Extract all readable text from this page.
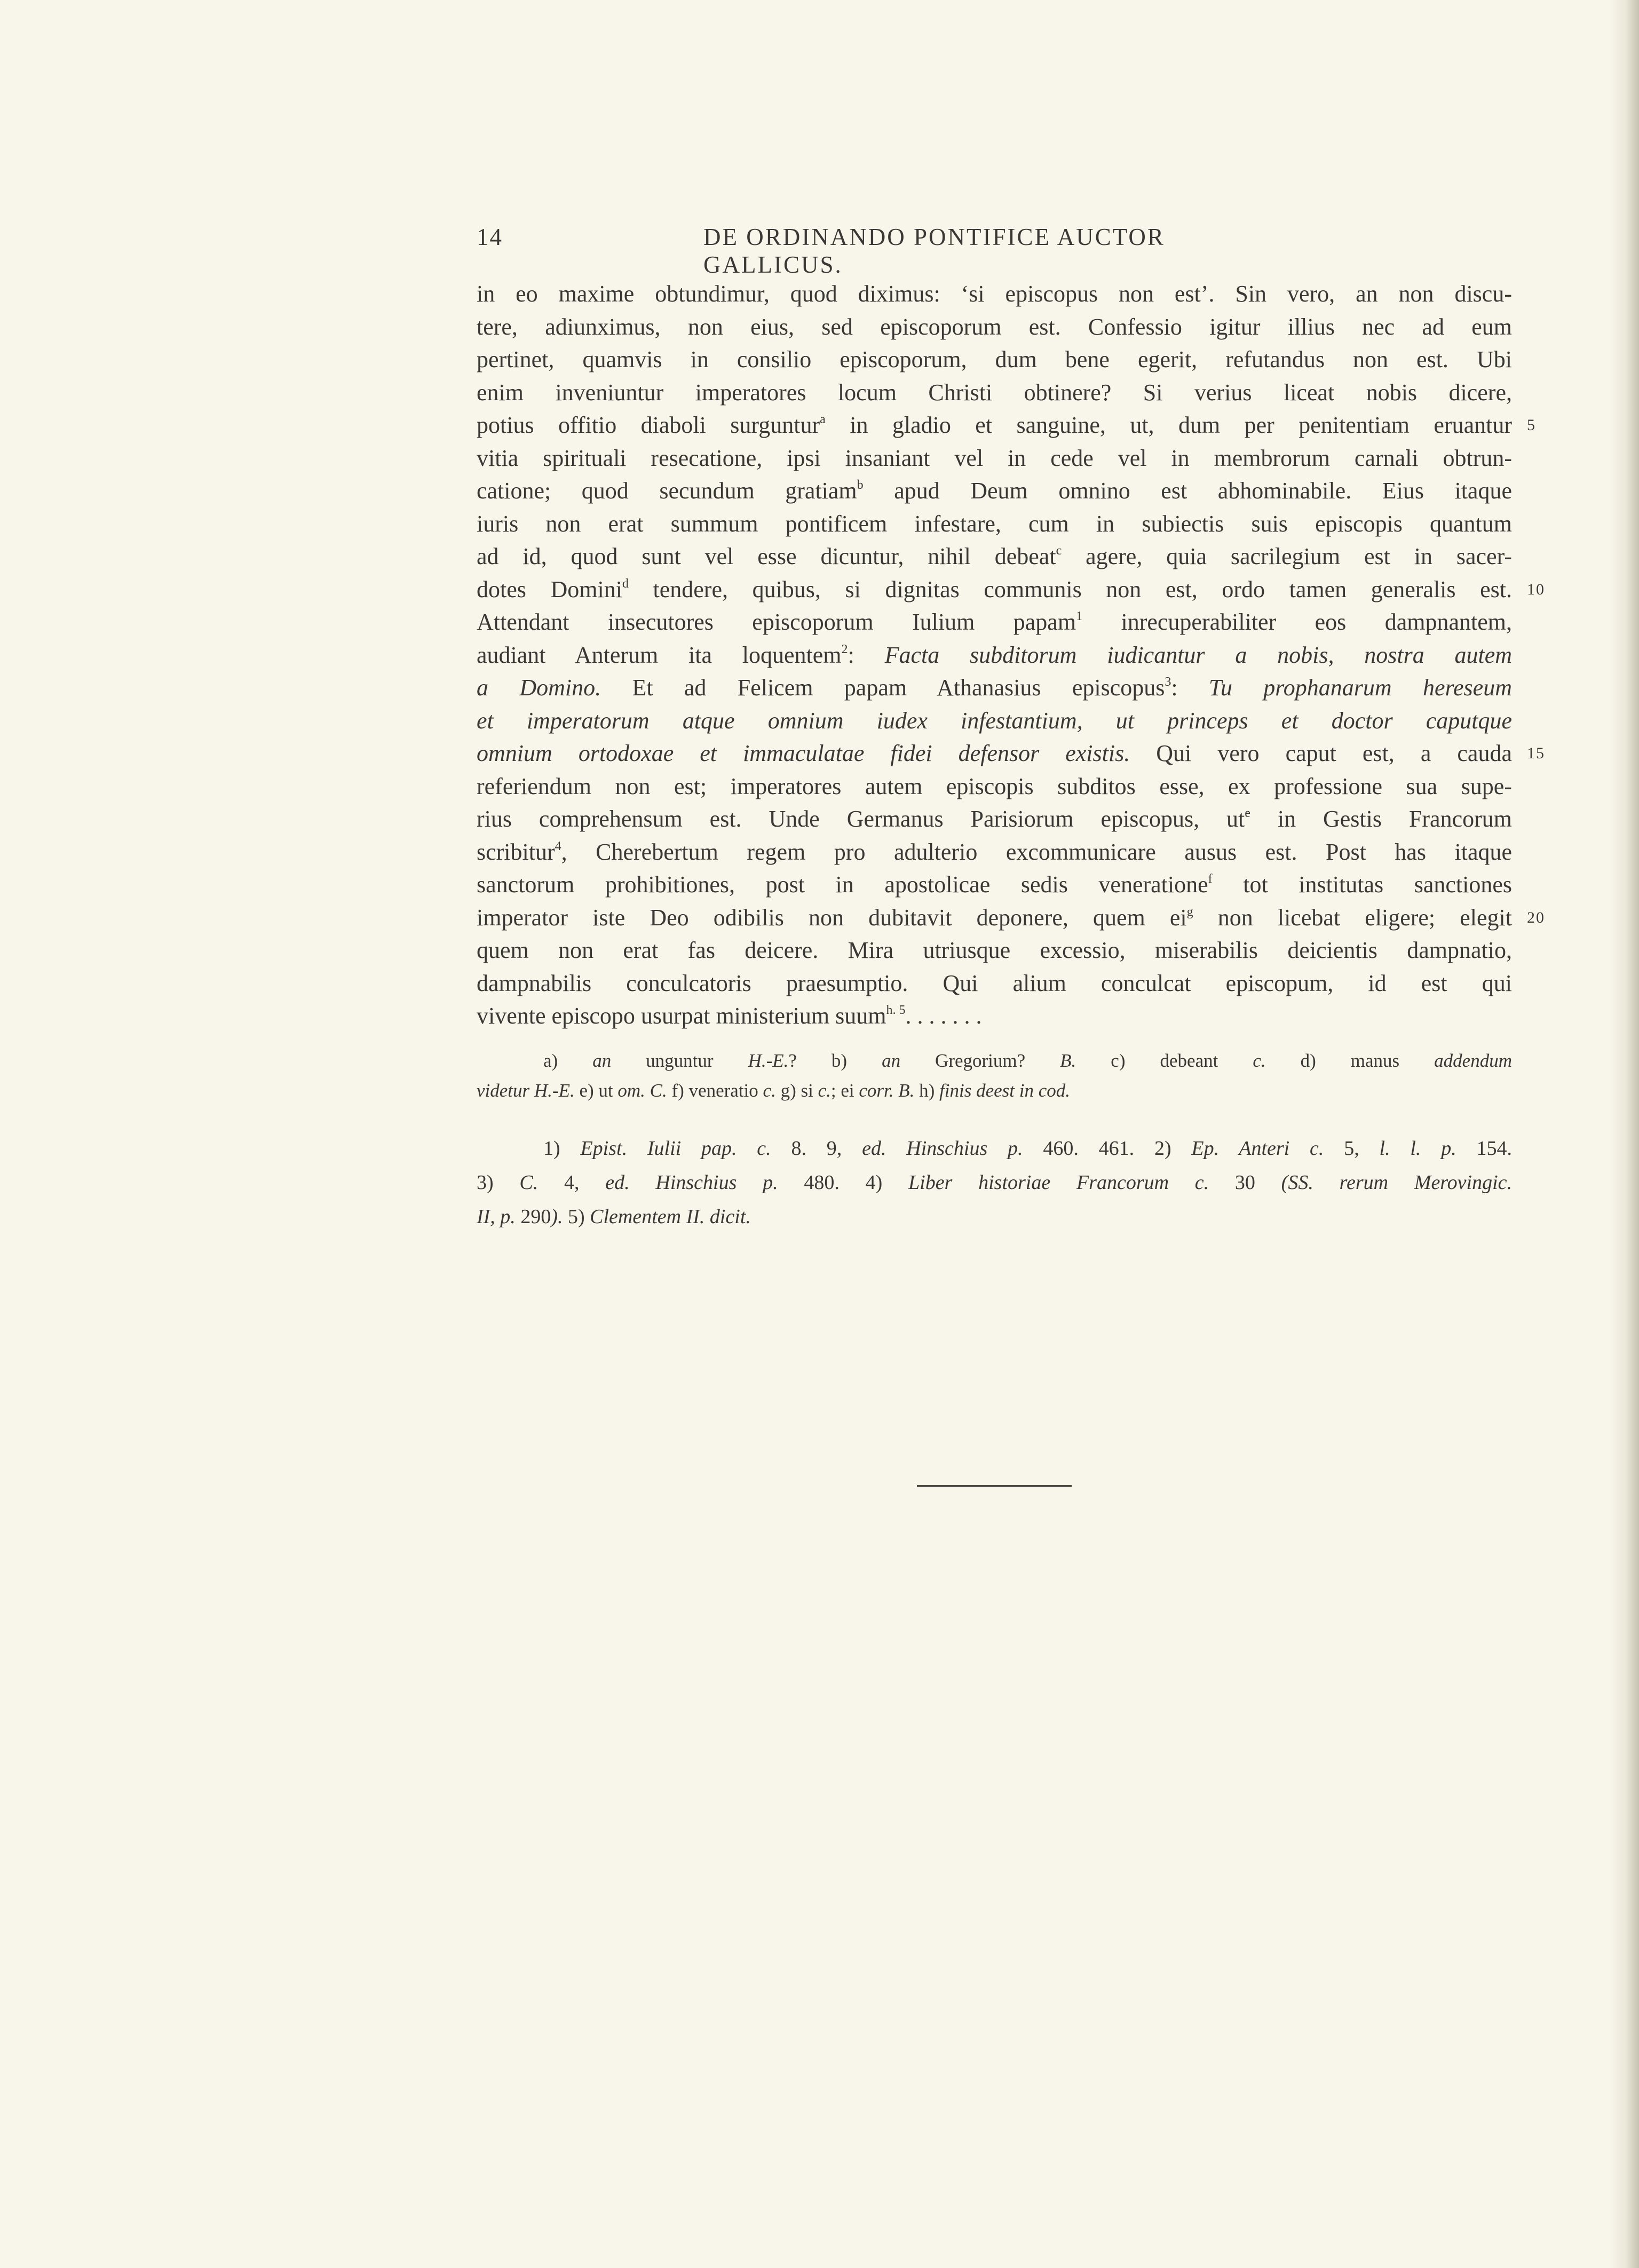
14	DE ORDINANDO PONTIFICE AUCTOR GALLICUS.
in eo maxime obtundimur, quod diximus: ‘si episcopus non est’. Sin vero, an non discu-
tere, adiunximus, non eius, sed episcoporum est. Confessio igitur illius nec ad eum
pertinet, quamvis in consilio episcoporum, dum bene egerit, refutandus non est. Ubi
enim inveniuntur imperatores locum Christi obtinere? Si verius liceat nobis dicere,
potius offitio diaboli surguntur$^a$ in gladio et sanguine, ut, dum per penitentiam eruantur 5
vitia spirituali resecatione, ipsi insaniant vel in cede vel in membrorum carnali obtrun-
catione; quod secundum gratiam$^b$ apud Deum omnino est abhominabile. Eius itaque
iuris non erat summum pontificem infestare, cum in subiectis suis episcopis quantum
ad id, quod sunt vel esse dicuntur, nihil debeat$^c$ agere, quia sacrilegium est in sacer-
dotes Domini$^d$ tendere, quibus, si dignitas communis non est, ordo tamen generalis est. 10
Attendant insecutores episcoporum Iulium papam$^1$ inrecuperabiliter eos dampnantem,
audiant Anterum ita loquentem$^2$: Facta subditorum iudicantur a nobis, nostra autem
a Domino. Et ad Felicem papam Athanasius episcopus$^3$: Tu prophanarum hereseum
et imperatorum atque omnium iudex infestantium, ut princeps et doctor caputque
omnium ortodoxae et immaculatae fidei defensor existis. Qui vero caput est, a cauda 15
referiendum non est; imperatores autem episcopis subditos esse, ex professione sua supe-
rius comprehensum est. Unde Germanus Parisiorum episcopus, $ut^e$ in Gestis Francorum
scribitur$^4$, Cherebertum regem pro adulterio excommunicare ausus est. Post has itaque
sanctorum prohibitiones, post in apostolicae sedis veneratione$^f$ tot institutas sanctiones
imperator iste Deo odibilis non dubitavit deponere, quem $ei^g$ non licebat eligere; elegit 20
quem non erat fas deicere. Mira utriusque excessio, miserabilis deicientis dampnatio,
dampnabilis conculcatoris praesumptio. Qui alium conculcat episcopum, id est qui
vivente episcopo usurpat ministerium suum$^{h. 5}$. . . . . . .
a) an unguntur H.-E.? b) an Gregorium? B. c) debeant c. d) manus addendum
videtur H.-E. e) ut om. C. f) veneratio c. g) si c.; ei corr. B. h) finis deest in cod.
1) Epist. Iulii pap. c. 8. 9, ed. Hinschius p. 460. 461. 2) Ep. Anteri c. 5, l. l. p. 154.
3) C. 4, ed. Hinschius p. 480. 4) Liber historiae Francorum c. 30 (SS. rerum Merovingic.
II, p. 290). 5) Clementem II. dicit.
